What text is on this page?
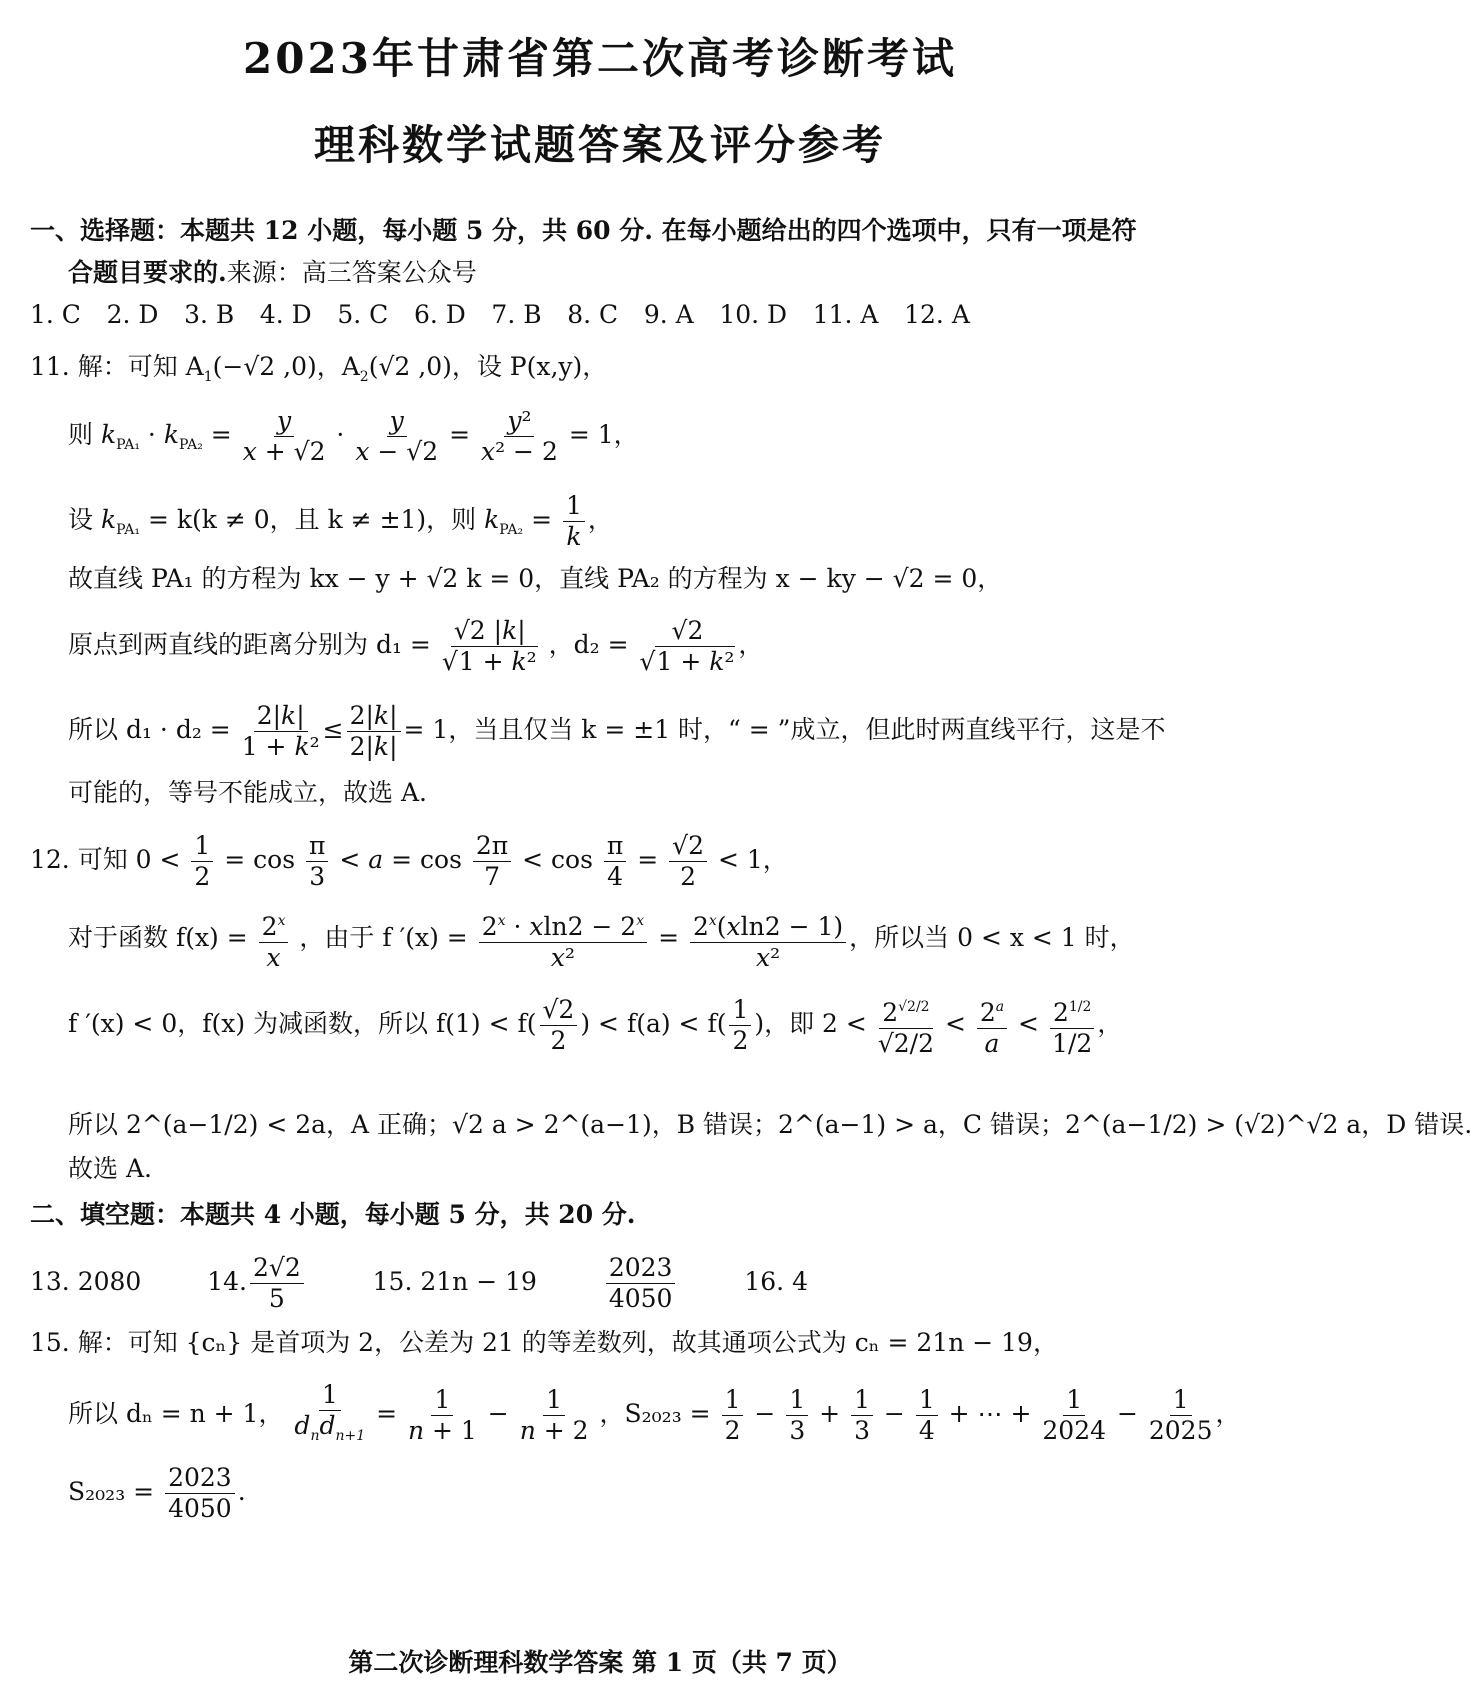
2023年甘肃省第二次高考诊断考试
理科数学试题答案及评分参考
一、选择题：本题共 12 小题，每小题 5 分，共 60 分. 在每小题给出的四个选项中，只有一项是符
合题目要求的.来源：高三答案公众号
1. C 2. D 3. B 4. D 5. C 6. D 7. B 8. C 9. A 10. D 11. A 12. A
11. 解：可知 $A_1(-√2$ ,0)，$A_2(√2$ ,0)，设 P(x,y)，
则 $k_{PA_1} \cdot k_{PA_2} = \frac{y}{x + √2} \cdot \frac{y}{x - √2} = \frac{\text{y²}}{\text{x² − 2}} = 1$，
设 $k_{PA_1} = k(k \ne 0$，且 k ≠ ±1)，则 $k_{PA_2} = \frac{1}{k}$ ，
故直线 PA₁ 的方程为 kx − y + √2 k = 0，直线 PA₂ 的方程为 x − ky − √2 = 0，
原点到两直线的距离分别为 $d_1 = \frac{√2 |k|}{\text{√1 + k²}}$ ，$d_2 = \frac{√2}{\text{√1 + k²}}$ ，
所以 $d_1 \cdot d_2 = \frac{2|k|}{\text{1 + k²}} \le \frac{2|k|}{2|k|} = 1$，当且仅当 k = ±1 时，“ = ”成立，但此时两直线平行，这是不
可能的，等号不能成立，故选 A.
12. 可知 $0 < \frac{1}{2} = \cos \frac{\pi}{3} < a = \cos \frac{2\pi}{7} < \cos \frac{\pi}{4} = \frac{√2}{2} < 1$，
对于函数 $f(x) = \frac{2^x}{x}$ ，由于 f $'(x) = \frac{2^x \cdot xln2 - 2^x}{\text{x²}} = \frac{2^x(xln2 - 1)}{\text{x²}}$ ，所以当 0 < x < 1 时，
f ′(x) < 0，f(x) 为减函数，所以 $f(1) < f( \frac{√2}{2}$ ) < $f(a) < f( \frac{1}{2}$ )，即 $2 < \frac{2^{√2/2}}{√2/2} < \frac{2^a}{a} < \frac{2^{1/2}}{1/2}$ ，
所以 2^(a−1/2) < 2a，A 正确；√2 a > 2^(a−1)，B 错误；2^(a−1) > a，C 错误；2^(a−1/2) > (√2)^√2 a，D 错误.
故选 A.
二、填空题：本题共 4 小题，每小题 5 分，共 20 分.
13. 2080	14. $\frac{2√2}{5}$	15. 21n − 19	$\frac{2023}{4050}$	16. 4
15. 解：可知 {cₙ} 是首项为 2，公差为 21 的等差数列，故其通项公式为 cₙ = 21n − 19，
所以 dₙ = n + 1， $\frac{1}{d_nd_{n+1}} = \frac{1}{n + 1} - \frac{1}{n + 2}$ ，$S_{2023} = \frac{1}{2} - \frac{1}{3} + \frac{1}{3} - \frac{1}{4}$ + ⋯ + $\frac{1}{2024} - \frac{1}{2025}$ ，
$S_{2023} = \frac{2023}{4050}$ .
第二次诊断理科数学答案 第 1 页（共 7 页）
